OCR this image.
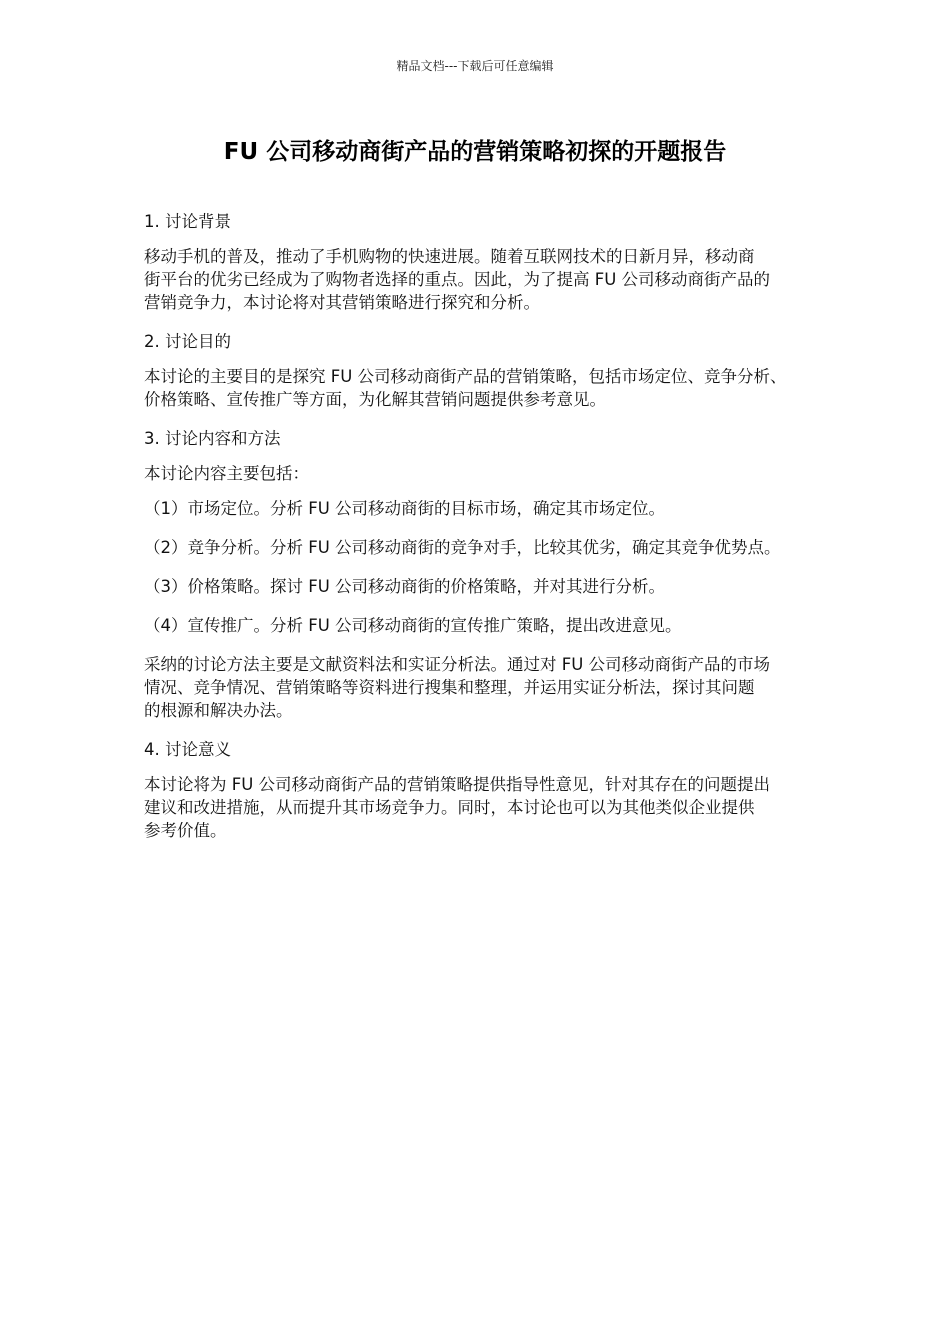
精品文档---下载后可任意编辑
FU 公司移动商街产品的营销策略初探的开题报告

1. 讨论背景

移动手机的普及，推动了手机购物的快速进展。随着互联网技术的日新月异，移动商
街平台的优劣已经成为了购物者选择的重点。因此，为了提高 FU 公司移动商街产品的
营销竞争力，本讨论将对其营销策略进行探究和分析。

2. 讨论目的

本讨论的主要目的是探究 FU 公司移动商街产品的营销策略，包括市场定位、竞争分析、
价格策略、宣传推广等方面，为化解其营销问题提供参考意见。

3. 讨论内容和方法

本讨论内容主要包括：

（1）市场定位。分析 FU 公司移动商街的目标市场，确定其市场定位。

（2）竞争分析。分析 FU 公司移动商街的竞争对手，比较其优劣，确定其竞争优势点。

（3）价格策略。探讨 FU 公司移动商街的价格策略，并对其进行分析。

（4）宣传推广。分析 FU 公司移动商街的宣传推广策略，提出改进意见。

采纳的讨论方法主要是文献资料法和实证分析法。通过对 FU 公司移动商街产品的市场
情况、竞争情况、营销策略等资料进行搜集和整理，并运用实证分析法，探讨其问题
的根源和解决办法。

4. 讨论意义

本讨论将为 FU 公司移动商街产品的营销策略提供指导性意见，针对其存在的问题提出
建议和改进措施，从而提升其市场竞争力。同时，本讨论也可以为其他类似企业提供
参考价值。
